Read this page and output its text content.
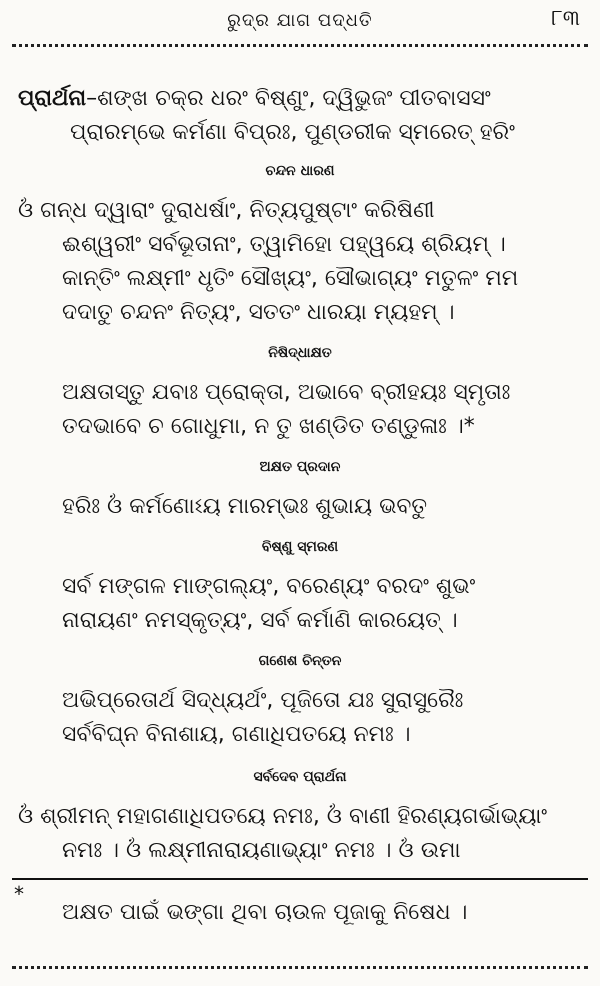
ରୁଦ୍ର ଯାଗ ପଦ୍ଧତି	୮୩
ପ୍ରାର୍ଥନା–ଶଙ୍ଖ ଚକ୍ର ଧରଂ ବିଷ୍ଣୁଂ, ଦ୍ୱିଭୁଜଂ ପୀତବାସସଂ
ପ୍ରାରମ୍ଭେ କର୍ମଣା ବିପ୍ରଃ, ପୁଣ୍ଡରୀକ ସ୍ମରେତ୍ ହରିଂ
ଚନ୍ଦନ ଧାରଣ
ଓଁ ଗନ୍ଧ ଦ୍ୱାରାଂ ଦୁରାଧର୍ଷାଂ, ନିତ୍ୟପୁଷ୍ଟାଂ କରିଷିଣୀ
ଈଶ୍ୱରୀଂ ସର୍ବଭୂତାନାଂ, ତ୍ୱାମିହୋ ପହ୍ୱୟେ ଶ୍ରିୟମ୍ ।
କାନ୍ତିଂ ଲକ୍ଷ୍ମୀଂ ଧୃତିଂ ସୌଖ୍ୟଂ, ସୌଭାଗ୍ୟଂ ମତୁଳଂ ମମ
ଦଦାତୁ ଚନ୍ଦନଂ ନିତ୍ୟଂ, ସତତଂ ଧାରୟା ମ୍ୟହମ୍ ।
ନିଷିଦ୍ଧାକ୍ଷତ
ଅକ୍ଷତାସ୍ତୁ ଯବାଃ ପ୍ରୋକ୍ତା, ଅଭାବେ ବ୍ରୀହୟଃ ସ୍ମୃତାଃ
ତଦଭାବେ ଚ ଗୋଧୁମା, ନ ତୁ ଖଣ୍ଡିତ ତଣ୍ଡୁଳାଃ ।*
ଅକ୍ଷତ ପ୍ରଦାନ
ହରିଃ ଓଁ କର୍ମଣୋଽୟ ମାରମ୍ଭଃ ଶୁଭାୟ ଭବତୁ
ବିଷ୍ଣୁ ସ୍ମରଣ
ସର୍ବ ମଙ୍ଗଳ ମାଙ୍ଗଲ୍ୟଂ, ବରେଣ୍ୟଂ ବରଦଂ ଶୁଭଂ
ନାରାୟଣଂ ନମସ୍କୃତ୍ୟଂ, ସର୍ବ କର୍ମାଣି କାରୟେତ୍ ।
ଗଣେଶ ଚିନ୍ତନ
ଅଭିପ୍ରେତାର୍ଥ ସିଦ୍ଧ୍ୟର୍ଥଂ, ପୂଜିତୋ ଯଃ ସୁରାସୁରୈଃ
ସର୍ବବିଘ୍ନ ବିନାଶାୟ, ଗଣାଧିପତୟେ ନମଃ ।
ସର୍ବଦେବ ପ୍ରାର୍ଥନା
ଓଁ ଶ୍ରୀମନ୍ ମହାଗଣାଧିପତୟେ ନମଃ, ଓଁ ବାଣୀ ହିରଣ୍ୟଗର୍ଭାଭ୍ୟାଂ
ନମଃ । ଓଁ ଲକ୍ଷ୍ମୀନାରାୟଣାଭ୍ୟାଂ ନମଃ । ଓଁ ଉମା
*
ଅକ୍ଷତ ପାଇଁ ଭଙ୍ଗା ଥିବା ଚାଉଳ ପୂଜାକୁ ନିଷେଧ ।
